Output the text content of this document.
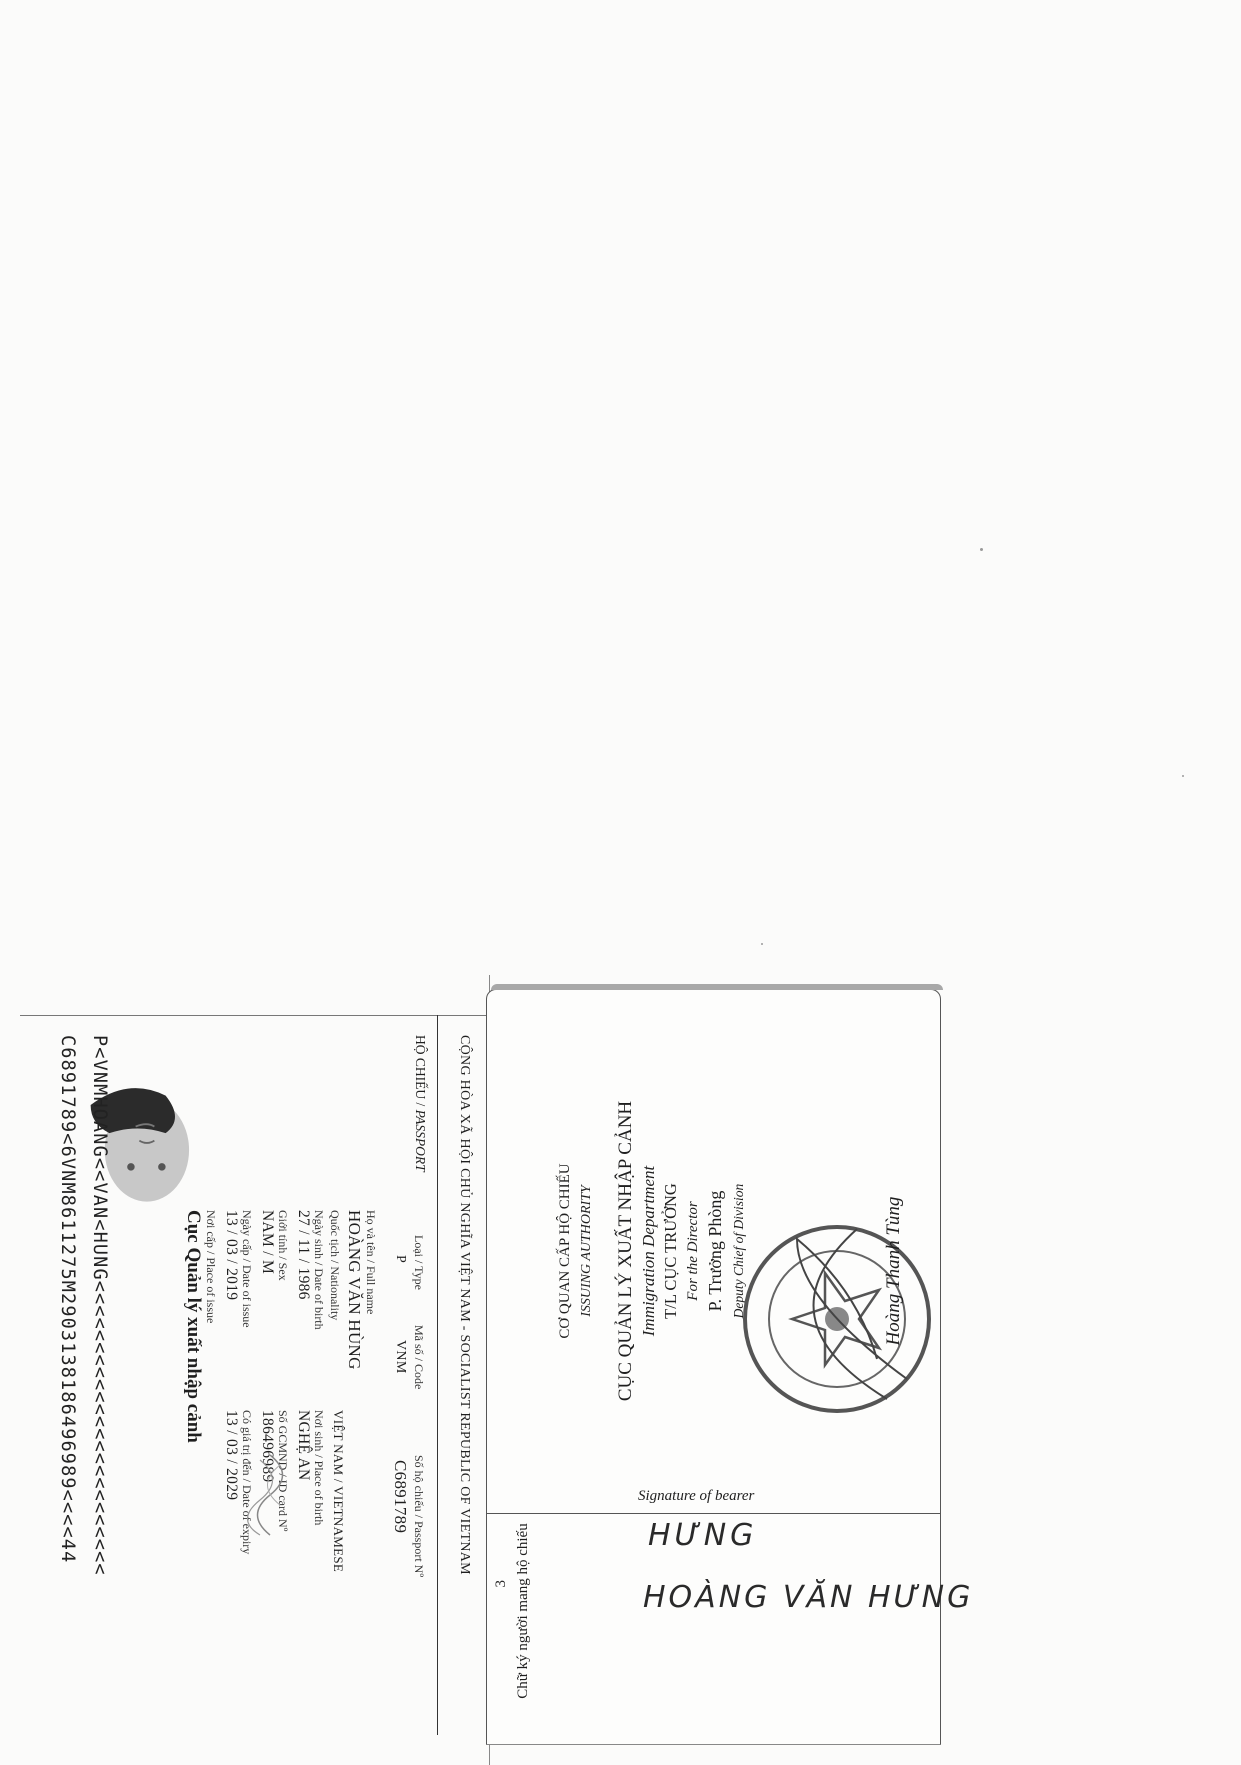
CỘNG HÒA XÃ HỘI CHỦ NGHĨA VIỆT NAM - SOCIALIST REPUBLIC OF VIETNAM
HỘ CHIẾU / PASSPORT
Loại / Type
Mã số / Code
Số hộ chiếu / Passport Nº
P
VNM
C6891789
Họ và tên / Full name
HOÀNG VĂN HÙNG
Quốc tịch / Nationality
VIỆT NAM / VIETNAMESE
Ngày sinh / Date of birth
27 / 11 / 1986
Nơi sinh / Place of birth
NGHỆ AN
Giới tính / Sex
NAM / M
Số GCMND / ID card Nº
186496989
Ngày cấp / Date of issue
13 / 03 / 2019
Có giá trị đến / Date of expiry
13 / 03 / 2029
Nơi cấp / Place of issue
Cục Quản lý xuất nhập cảnh
P<VNMHOANG<<VAN<HUNG<<<<<<<<<<<<<<<<<<<<<<<<
C6891789<6VNM8611275M2903138186496989<<<<44
3
CƠ QUAN CẤP HỘ CHIẾU ISSUING AUTHORITY CỤC QUẢN LÝ XUẤT NHẬP CẢNH Immigration Department T/L CỤC TRƯỞNG For the Director P. Trưởng Phòng Deputy Chief of Division	Hoàng Thanh Tùng
Chữ ký người mang hộ chiếu
Signature of bearer
HƯNG
HOÀNG VĂN HƯNG
